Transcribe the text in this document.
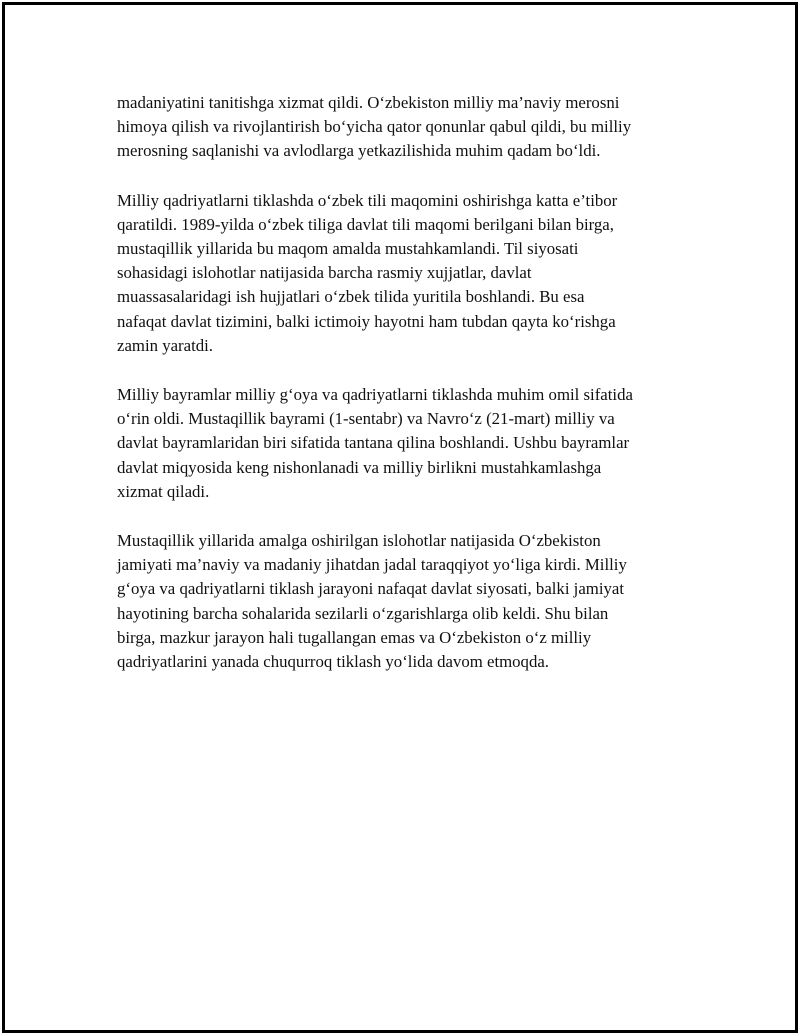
madaniyatini tanitishga xizmat qildi. O‘zbekiston milliy ma’naviy merosni
himoya qilish va rivojlantirish bo‘yicha qator qonunlar qabul qildi, bu milliy
merosning saqlanishi va avlodlarga yetkazilishida muhim qadam bo‘ldi.

Milliy qadriyatlarni tiklashda o‘zbek tili maqomini oshirishga katta e’tibor
qaratildi. 1989-yilda o‘zbek tiliga davlat tili maqomi berilgani bilan birga,
mustaqillik yillarida bu maqom amalda mustahkamlandi. Til siyosati
sohasidagi islohotlar natijasida barcha rasmiy xujjatlar, davlat
muassasalaridagi ish hujjatlari o‘zbek tilida yuritila boshlandi. Bu esa
nafaqat davlat tizimini, balki ictimoiy hayotni ham tubdan qayta ko‘rishga
zamin yaratdi.

Milliy bayramlar milliy g‘oya va qadriyatlarni tiklashda muhim omil sifatida
o‘rin oldi. Mustaqillik bayrami (1-sentabr) va Navro‘z (21-mart) milliy va
davlat bayramlaridan biri sifatida tantana qilina boshlandi. Ushbu bayramlar
davlat miqyosida keng nishonlanadi va milliy birlikni mustahkamlashga
xizmat qiladi.

Mustaqillik yillarida amalga oshirilgan islohotlar natijasida O‘zbekiston
jamiyati ma’naviy va madaniy jihatdan jadal taraqqiyot yo‘liga kirdi. Milliy
g‘oya va qadriyatlarni tiklash jarayoni nafaqat davlat siyosati, balki jamiyat
hayotining barcha sohalarida sezilarli o‘zgarishlarga olib keldi. Shu bilan
birga, mazkur jarayon hali tugallangan emas va O‘zbekiston o‘z milliy
qadriyatlarini yanada chuqurroq tiklash yo‘lida davom etmoqda.
